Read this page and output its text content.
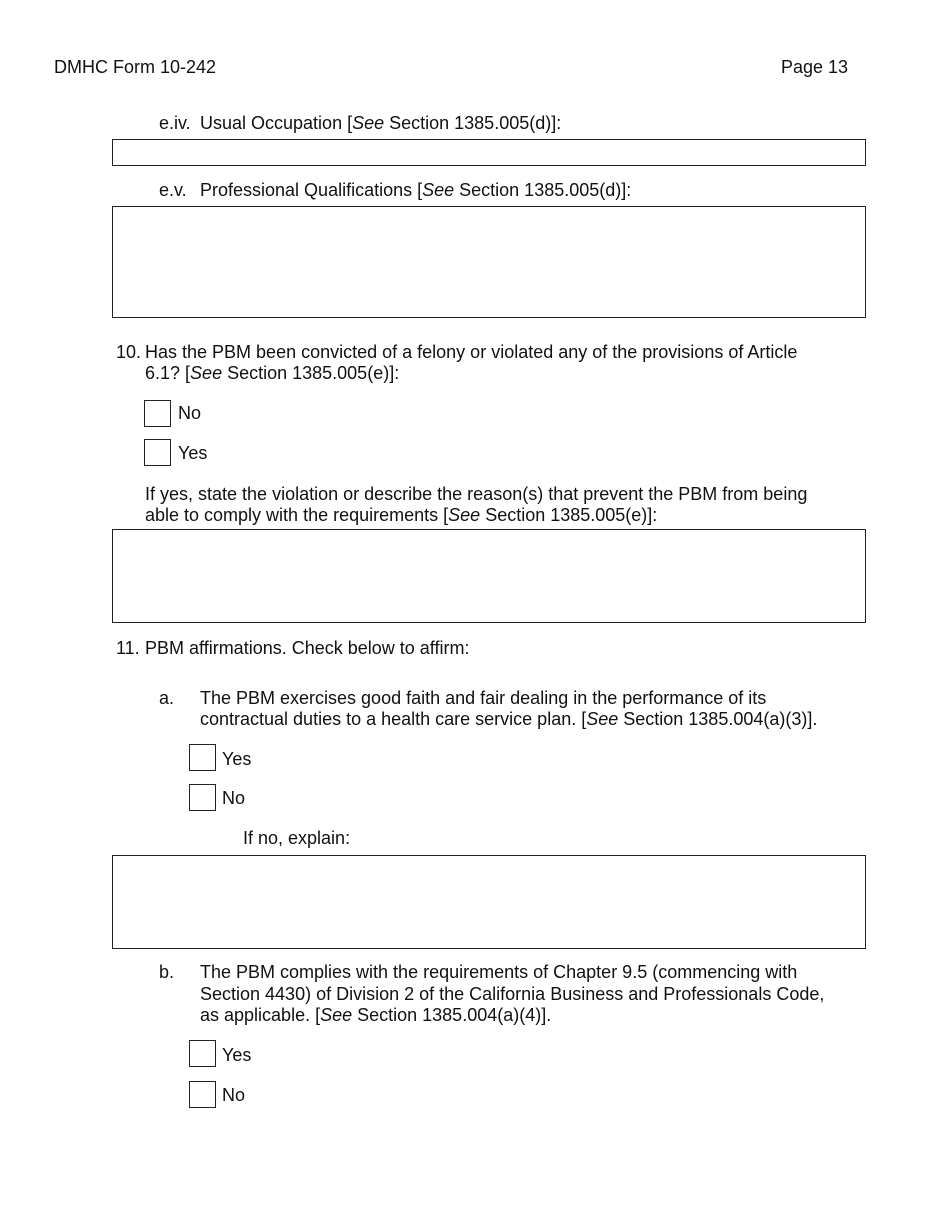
DMHC Form 10-242	Page 13
e.iv. Usual Occupation [See Section 1385.005(d)]:
e.v. Professional Qualifications [See Section 1385.005(d)]:
10. Has the PBM been convicted of a felony or violated any of the provisions of Article
6.1? [See Section 1385.005(e)]:
No
Yes
If yes, state the violation or describe the reason(s) that prevent the PBM from being
able to comply with the requirements [See Section 1385.005(e)]:
11. PBM affirmations. Check below to affirm:
a. The PBM exercises good faith and fair dealing in the performance of its
contractual duties to a health care service plan. [See Section 1385.004(a)(3)].
Yes
No
If no, explain:
b. The PBM complies with the requirements of Chapter 9.5 (commencing with
Section 4430) of Division 2 of the California Business and Professionals Code,
as applicable. [See Section 1385.004(a)(4)].
Yes
No
